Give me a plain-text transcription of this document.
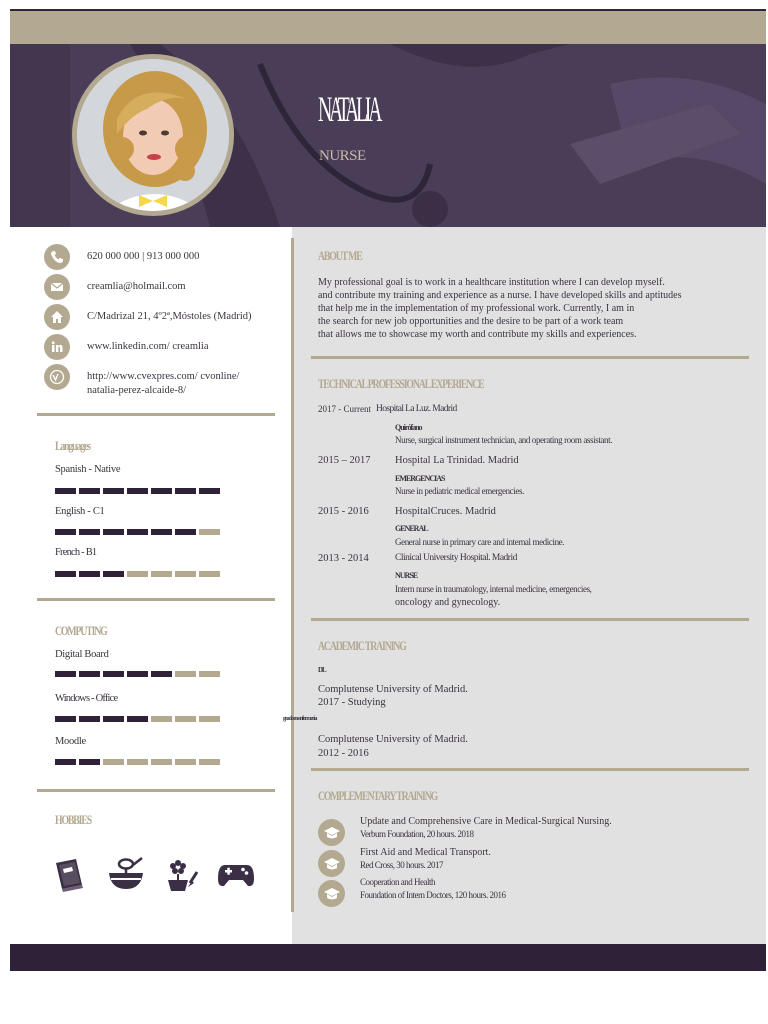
NATALIA
NURSE
620 000 000 | 913 000 000
creamlia@holmail.com
C/Madrizal 21, 4º2ª,Móstoles (Madrid)
www.linkedin.com/ creamlia
http://www.cvexpres.com/ cvonline/
natalia-perez-alcaide-8/
Languages
Spanish - Native
English - C1
French - B1
COMPUTING
Digital Board
Windows - Office
Moodle
HOBBIES
ABOUT ME
My professional goal is to work in a healthcare institution where I can develop myself.
and contribute my training and experience as a nurse. I have developed skills and aptitudes
that help me in the implementation of my professional work. Currently, I am in
the search for new job opportunities and the desire to be part of a work team
that allows me to showcase my worth and contribute my skills and experiences.
TECHNICAL PROFESSIONAL EXPERIENCE
2017 - Current Hospital La Luz. Madrid
Quirófano
Nurse, surgical instrument technician, and operating room assistant.
2015 – 2017 Hospital La Trinidad. Madrid
EMERGENCIAS
Nurse in pediatric medical emergencies.
2015 - 2016	HospitalCruces. Madrid
GENERAL
General nurse in primary care and internal medicine.
2013 - 2014	Clinical University Hospital. Madrid
NURSE
Intern nurse in traumatology, internal medicine, emergencies,
oncology and gynecology.
ACADEMIC TRAINING
DL
Complutense University of Madrid.
2017 - Studying
grado en enfermería
Complutense University of Madrid.
2012 - 2016
COMPLEMENTARY TRAINING
Update and Comprehensive Care in Medical-Surgical Nursing.
Verbum Foundation, 20 hours. 2018
First Aid and Medical Transport.
Red Cross, 30 hours. 2017
Cooperation and Health
Foundation of Intern Doctors, 120 hours. 2016
